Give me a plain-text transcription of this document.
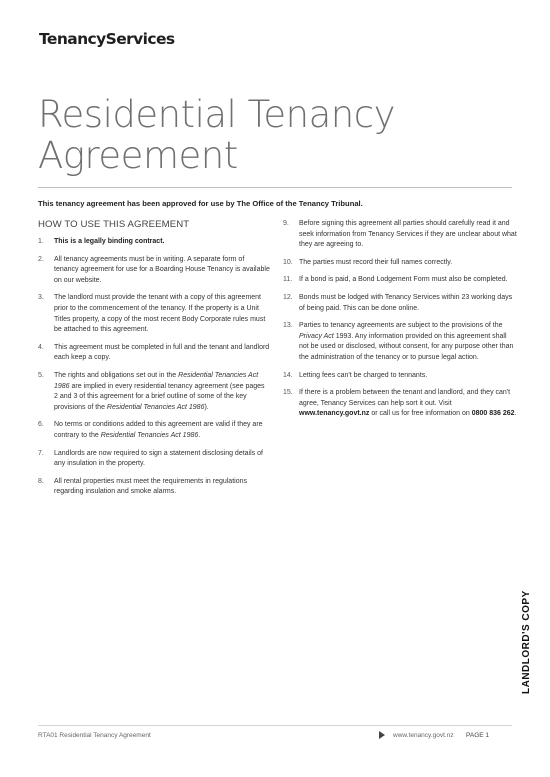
TenancyServices
Residential Tenancy
Agreement
This tenancy agreement has been approved for use by The Office of the Tenancy Tribunal.
HOW TO USE THIS AGREEMENT
1. This is a legally binding contract.
2. All tenancy agreements must be in writing. A separate form of tenancy agreement for use for a Boarding House Tenancy is available on our website.
3. The landlord must provide the tenant with a copy of this agreement prior to the commencement of the tenancy. If the property is a Unit Titles property, a copy of the most recent Body Corporate rules must be attached to this agreement.
4. This agreement must be completed in full and the tenant and landlord each keep a copy.
5. The rights and obligations set out in the Residential Tenancies Act 1986 are implied in every residential tenancy agreement (see pages 2 and 3 of this agreement for a brief outline of some of the key provisions of the Residential Tenancies Act 1986).
6. No terms or conditions added to this agreement are valid if they are contrary to the Residential Tenancies Act 1986.
7. Landlords are now required to sign a statement disclosing details of any insulation in the property.
8. All rental properties must meet the requirements in regulations regarding insulation and smoke alarms.
9. Before signing this agreement all parties should carefully read it and seek information from Tenancy Services if they are unclear about what they are agreeing to.
10. The parties must record their full names correctly.
11. If a bond is paid, a Bond Lodgement Form must also be completed.
12. Bonds must be lodged with Tenancy Services within 23 working days of being paid. This can be done online.
13. Parties to tenancy agreements are subject to the provisions of the Privacy Act 1993. Any information provided on this agreement shall not be used or disclosed, without consent, for any purpose other than the administration of the tenancy or to pursue legal action.
14. Letting fees can't be charged to tennants.
15. If there is a problem between the tenant and landlord, and they can't agree, Tenancy Services can help sort it out. Visit www.tenancy.govt.nz or call us for free information on 0800 836 262.
LANDLORD'S COPY
RTA01 Residential Tenancy Agreement	www.tenancy.govt.nz PAGE 1
